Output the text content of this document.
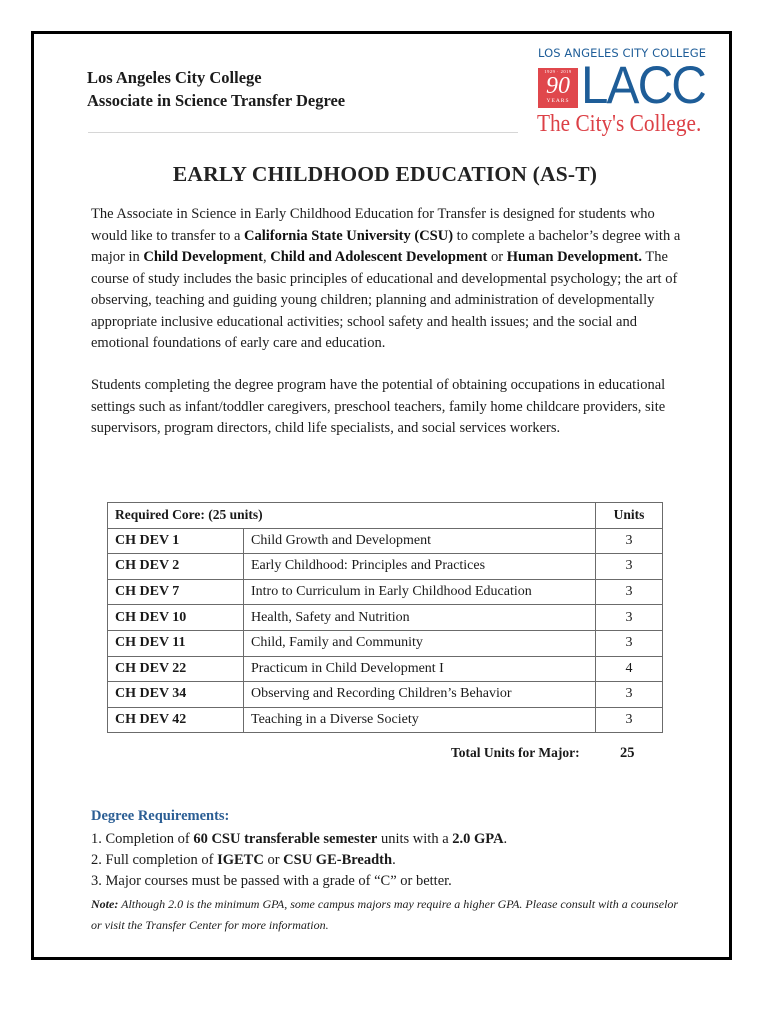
Los Angeles City College
Associate in Science Transfer Degree
LOS ANGELES CITY COLLEGE
1929 · 2019
90
YEARS LACC
The City's College.
EARLY CHILDHOOD EDUCATION (AS-T)
The Associate in Science in Early Childhood Education for Transfer is designed for students who would like to transfer to a California State University (CSU) to complete a bachelor’s degree with a major in Child Development, Child and Adolescent Development or Human Development. The course of study includes the basic principles of educational and developmental psychology; the art of observing, teaching and guiding young children; planning and administration of developmentally appropriate inclusive educational activities; school safety and health issues; and the social and emotional foundations of early care and education.
Students completing the degree program have the potential of obtaining occupations in educational settings such as infant/toddler caregivers, preschool teachers, family home childcare providers, site supervisors, program directors, child life specialists, and social services workers.
Required Core: (25 units)		Units
CH DEV 1	Child Growth and Development	3
CH DEV 2	Early Childhood: Principles and Practices	3
CH DEV 7	Intro to Curriculum in Early Childhood Education	3
CH DEV 10	Health, Safety and Nutrition	3
CH DEV 11	Child, Family and Community	3
CH DEV 22	Practicum in Child Development I	4
CH DEV 34	Observing and Recording Children’s Behavior	3
CH DEV 42	Teaching in a Diverse Society	3
Total Units for Major:	25
Degree Requirements:
1. Completion of 60 CSU transferable semester units with a 2.0 GPA.
2. Full completion of IGETC or CSU GE-Breadth.
3. Major courses must be passed with a grade of “C” or better.
Note: Although 2.0 is the minimum GPA, some campus majors may require a higher GPA. Please consult with a counselor or visit the Transfer Center for more information.
